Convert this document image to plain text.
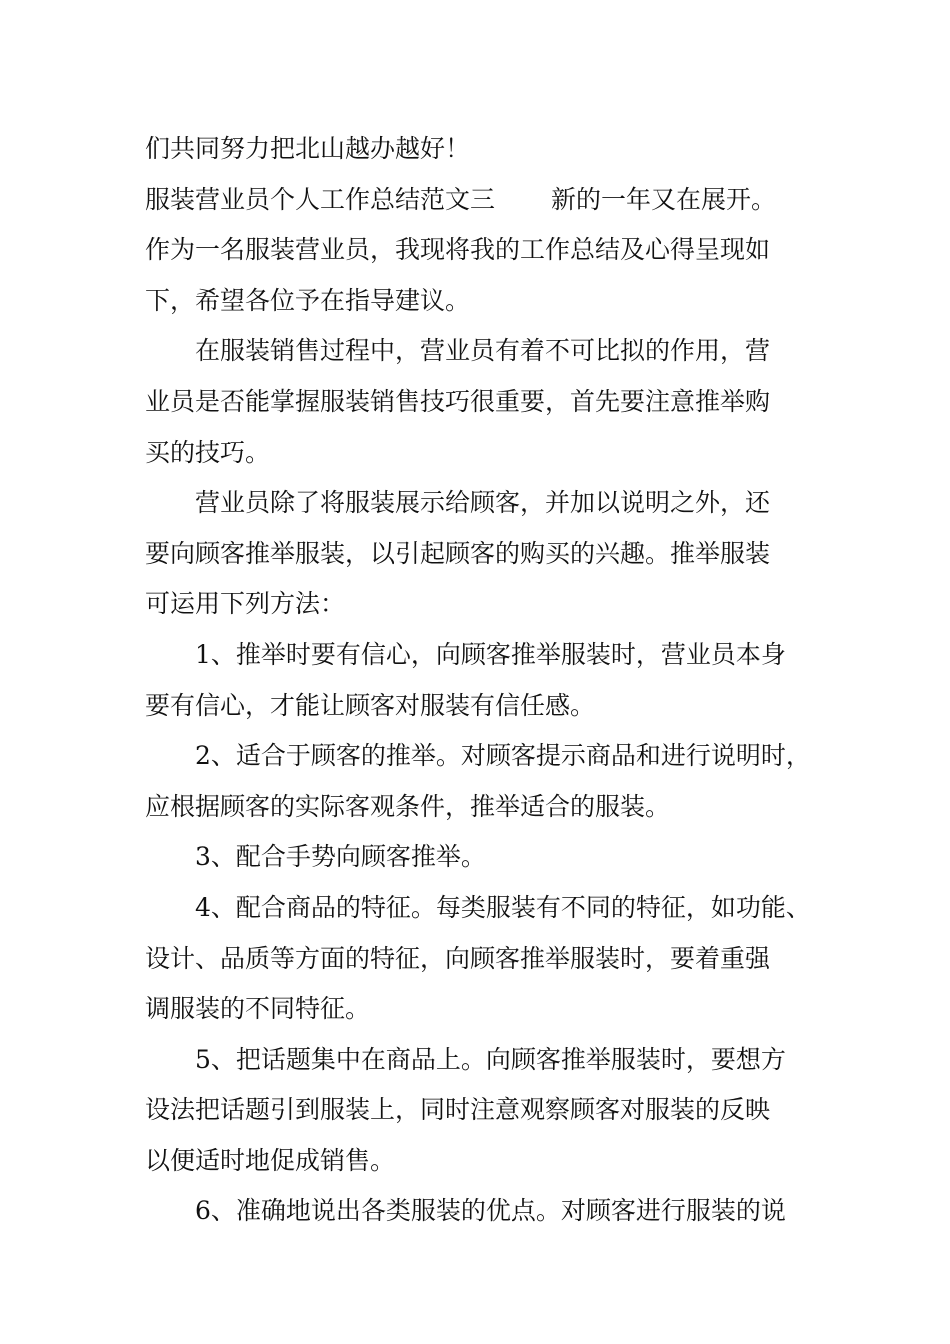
们共同努力把北山越办越好！
服装营业员个人工作总结范文三 新的一年又在展开。
作为一名服装营业员，我现将我的工作总结及心得呈现如
下，希望各位予在指导建议。
在服装销售过程中，营业员有着不可比拟的作用，营
业员是否能掌握服装销售技巧很重要，首先要注意推举购
买的技巧。
营业员除了将服装展示给顾客，并加以说明之外，还
要向顾客推举服装，以引起顾客的购买的兴趣。推举服装
可运用下列方法：
1、推举时要有信心，向顾客推举服装时，营业员本身
要有信心，才能让顾客对服装有信任感。
2、适合于顾客的推举。对顾客提示商品和进行说明时，
应根据顾客的实际客观条件，推举适合的服装。
3、配合手势向顾客推举。
4、配合商品的特征。每类服装有不同的特征，如功能、
设计、品质等方面的特征，向顾客推举服装时，要着重强
调服装的不同特征。
5、把话题集中在商品上。向顾客推举服装时，要想方
设法把话题引到服装上，同时注意观察顾客对服装的反映
以便适时地促成销售。
6、准确地说出各类服装的优点。对顾客进行服装的说
